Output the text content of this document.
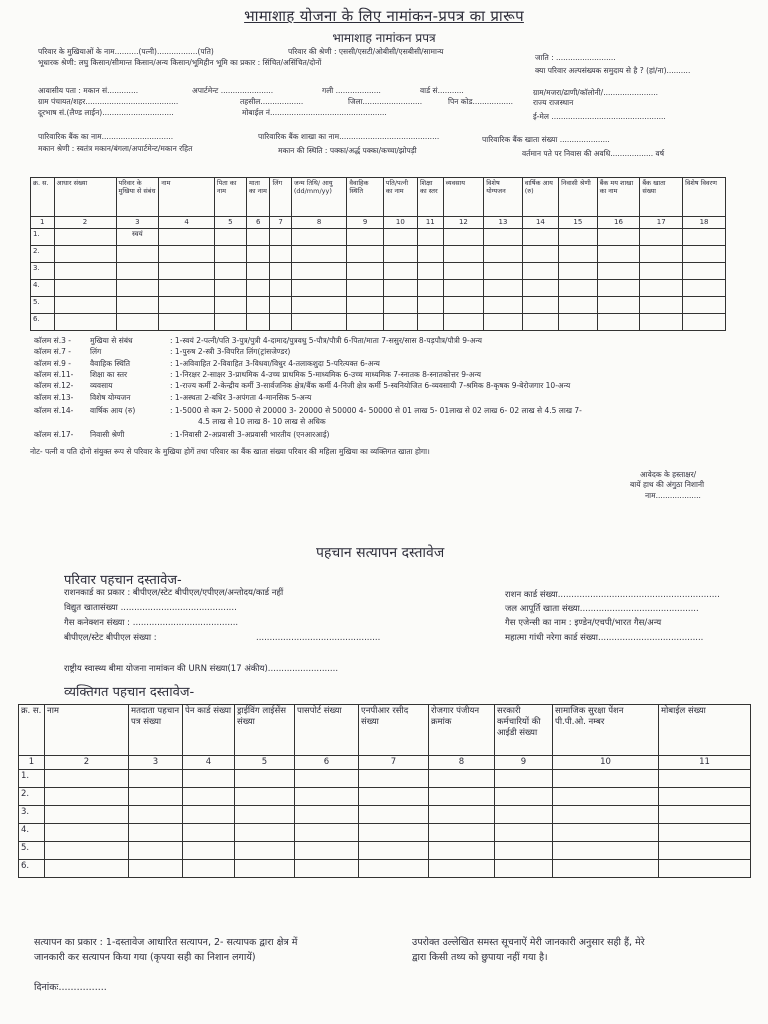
भामाशाह योजना के लिए नामांकन-प्रपत्र का प्रारूप
भामाशाह नामांकन प्रपत्र
परिवार के मुखियाओं के नाम..........(पत्नी).................(पति)	परिवार की श्रेणी : एससी/एसटी/ओबीसी/एसबीसी/सामान्य
जाति : .........................
भूधारक श्रेणी: लघु किसान/सीमान्त किसान/अन्य किसान/भूमिहीन भूमि का प्रकार : सिंचित/असिंचित/दोनों
क्या परिवार अल्पसंख्यक समुदाय से है ? (हां/ना)..........
आवासीय पता : मकान सं.............	अपार्टमेन्ट ......................	गली ...................	वार्ड सं...........	ग्राम/मजरा/ढाणी/कॉलोनी/.......................
ग्राम पंचायत/शहर.......................................	तहसील..................	जिला.........................	पिन कोड.................	राज्य राजस्थान
दूरभाष सं.(लैण्ड लाईन)..............................	मोबाईल नं.................................................	ई-मेल ................................................
पारिवारिक बैंक का नाम..............................	पारिवारिक बैंक शाखा का नाम..........................................	पारिवारिक बैंक खाता संख्या .....................
मकान श्रेणी : स्वतंत्र मकान/बंगला/अपार्टमेन्ट/मकान रहित	मकान की स्थिति : पक्का/अर्द्ध पक्का/कच्चा/झोपड़ी	वर्तमान पते पर निवास की अवधि.................. वर्ष
क्र. स.	आधार संख्या	परिवार के मुखिया से संबंध	नाम	पिता का नाम	माता का नाम	लिंग	जन्म तिथि/ आयु (dd/mm/yy)	वैवाहिक स्थिति	पति/पत्नी का नाम	शिक्षा का स्तर	व्यवसाय	विशेष योग्यजन	वार्षिक आय (रु)	निवासी श्रेणी	बैंक मय शाखा का नाम	बैंक खाता संख्या	विशेष विवरण
1	2	3	4	5	6	7	8	9	10	11	12	13	14	15	16	17	18
1.		स्वयं															
2.																	
3.																	
4.																	
5.																	
6.																	
कॉलम सं.3 -	मुखिया से संबंध	: 1-स्वयं 2-पत्नी/पति 3-पुत्र/पुत्री 4-दामाद/पुत्रवधु 5-पौत्र/पौत्री 6-पिता/माता 7-ससुर/सास 8-पड़पौत्र/पौत्री 9-अन्य
कॉलम सं.7 -	लिंग	: 1-पुरुष 2-स्त्री 3-विपरित लिंग(ट्रांसजेण्डर)
कॉलम सं.9 -	वैवाहिक स्थिति	: 1-अविवाहित 2-विवाहित 3-विधवा/विधुर 4-तलाकशुदा 5-परित्यक्त 6-अन्य
कॉलम सं.11- शिक्षा का स्तर	: 1-निरक्षर 2-साक्षर 3-प्राथमिक 4-उच्च प्राथमिक 5-माध्यमिक 6-उच्च माध्यमिक 7-स्नातक 8-स्नातकोत्तर 9-अन्य
कॉलम सं.12- व्यवसाय	: 1-राज्य कर्मी 2-केन्द्रीय कर्मी 3-सार्वजनिक क्षेत्र/बैंक कर्मी 4-निजी क्षेत्र कर्मी 5-स्वनियोजित 6-व्यवसायी 7-श्रमिक 8-कृषक 9-बेरोजगार 10-अन्य
कॉलम सं.13- विशेष योग्यजन	: 1-अस्थता 2-बधिर 3-अपंगता 4-मानसिक 5-अन्य
कॉलम सं.14- वार्षिक आय (रु)	: 1-5000 से कम 2- 5000 से 20000 3- 20000 से 50000 4- 50000 से 01 लाख 5- 01लाख से 02 लाख 6- 02 लाख से 4.5 लाख 7-
4.5 लाख से 10 लाख 8- 10 लाख से अधिक
कॉलम सं.17- निवासी श्रेणी	: 1-निवासी 2-अप्रवासी 3-अप्रवासी भारतीय (एनआरआई)
नोट- पत्नी व पति दोनो संयुक्त रूप से परिवार के मुखिया होगें तथा परिवार का बैंक खाता संख्या परिवार की महिला मुखिया का व्यक्तिगत खाता होगा।
आवेदक के हस्ताक्षर/
बायें हाथ की अंगुठा निशानी
नाम...................
पहचान सत्यापन दस्तावेज
परिवार पहचान दस्तावेज-
राशनकार्ड का प्रकार : बीपीएल/स्टेट बीपीएल/एपीएल/अन्तोदय/कार्ड नहीं	राशन कार्ड संख्या............................................................
विद्युत खातासंख्या ...........................................	जल आपूर्ति खाता संख्या............................................
गैस कनेक्शन संख्या : .......................................	गैस एजेन्सी का नाम : इण्डेन/एचपी/भारत गैस/अन्य
बीपीएल/स्टेट बीपीएल संख्या :	..............................................	महात्मा गांधी नरेगा कार्ड संख्या.......................................
राष्ट्रीय स्वास्थ्य बीमा योजना नामांकन की URN संख्या(17 अंकीय)..........................
व्यक्तिगत पहचान दस्तावेज-
क्र. स.	नाम	मतदाता पहचान पत्र संख्या	पेन कार्ड संख्या	ड्राईविंग लाईसेंस संख्या	पासपोर्ट संख्या	एनपीआर रसीद संख्या	रोजगार पंजीयन क्रमांक	सरकारी कर्मचारियों की आईडी संख्या	सामाजिक सुरक्षा पेंशन पी.पी.ओ. नम्बर	मोबाईल संख्या
1	2	3	4	5	6	7	8	9	10	11
1.										
2.										
3.										
4.										
5.										
6.										
सत्यापन का प्रकार : 1-दस्तावेज आधारित सत्यापन, 2- सत्यापक द्वारा क्षेत्र में
जानकारी कर सत्यापन किया गया (कृपया सही का निशान लगायें)
उपरोक्त उल्लेखित समस्त सूचनाऐं मेरी जानकारी अनुसार सही हैं, मेरे
द्वारा किसी तथ्य को छुपाया नहीं गया है।
दिनांकः................
